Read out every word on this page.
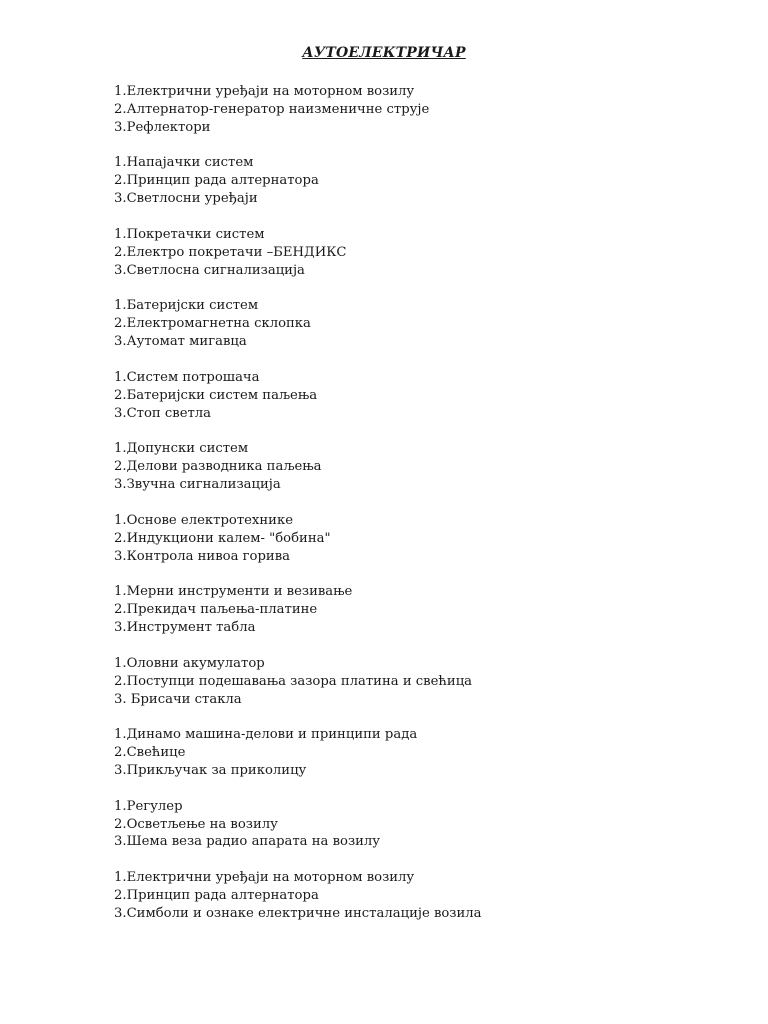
АУТОЕЛЕКТРИЧАР
1.Електрични уређаји на моторном возилу
2.Алтернатор-генератор наизменичне струје
3.Рефлектори
1.Напајачки систем
2.Принцип рада алтернатора
3.Светлосни уређаји
1.Покретачки систем
2.Електро покретачи –БЕНДИКС
3.Светлосна сигнализација
1.Батеријски систем
2.Електромагнетна склопка
3.Аутомат мигавца
1.Систем потрошача
2.Батеријски систем паљења
3.Стоп светла
1.Допунски систем
2.Делови разводника паљења
3.Звучна сигнализација
1.Основе електротехнике
2.Индукциони калем- "бобина"
3.Контрола нивоа горива
1.Мерни инструменти и везивање
2.Прекидач паљења-платине
3.Инструмент табла
1.Оловни акумулатор
2.Поступци подешавања зазора платина и свећица
3. Брисачи стакла
1.Динамо машина-делови и принципи рада
2.Свећице
3.Прикључак за приколицу
1.Регулер
2.Осветљење на возилу
3.Шема веза радио апарата на возилу
1.Електрични уређаји на моторном возилу
2.Принцип рада алтернатора
3.Симболи и ознаке електричне инсталације возила
